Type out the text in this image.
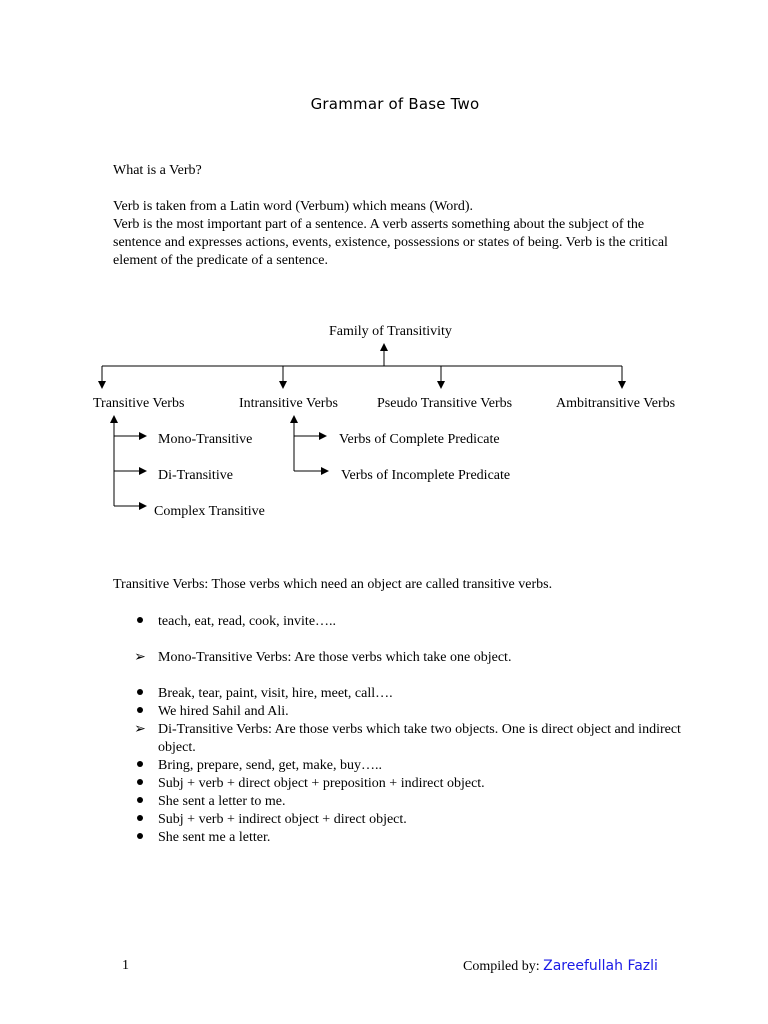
Grammar of Base Two

What is a Verb?

Verb is taken from a Latin word (Verbum) which means (Word).

Verb is the most important part of a sentence. A verb asserts something about the subject of the sentence and expresses actions, events, existence, possessions or states of being. Verb is the critical element of the predicate of a sentence.

Family of Transitivity
Transitive Verbs	Intransitive Verbs	Pseudo Transitive Verbs	Ambitransitive Verbs
Mono-Transitive
Di-Transitive
Complex Transitive
Verbs of Complete Predicate
Verbs of Incomplete Predicate

Transitive Verbs: Those verbs which need an object are called transitive verbs.

teach, eat, read, cook, invite…..
➢ Mono-Transitive Verbs: Are those verbs which take one object.
Break, tear, paint, visit, hire, meet, call….
We hired Sahil and Ali.
➢ Di-Transitive Verbs: Are those verbs which take two objects. One is direct object and indirect object.
Bring, prepare, send, get, make, buy…..
Subj + verb + direct object + preposition + indirect object.
She sent a letter to me.
Subj + verb + indirect object + direct object.
She sent me a letter.
1	Compiled by: Zareefullah Fazli
